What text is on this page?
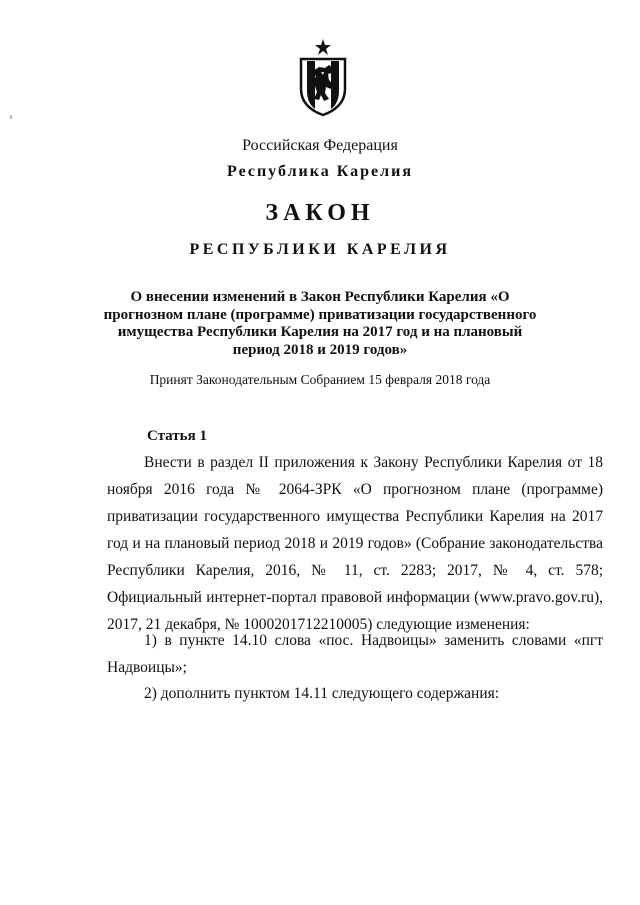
Российская Федерация
Республика Карелия
ЗАКОН
РЕСПУБЛИКИ КАРЕЛИЯ
О внесении изменений в Закон Республики Карелия «О прогнозном плане (программе) приватизации государственного имущества Республики Карелия на 2017 год и на плановый период 2018 и 2019 годов»
Принят Законодательным Собранием 15 февраля 2018 года
Статья 1

Внести в раздел II приложения к Закону Республики Карелия от 18 ноября 2016 года № 2064-ЗРК «О прогнозном плане (программе) приватизации государственного имущества Республики Карелия на 2017 год и на плановый период 2018 и 2019 годов» (Собрание законодательства Республики Карелия, 2016, № 11, ст. 2283; 2017, № 4, ст. 578; Официальный интернет-портал правовой информации (www.pravo.gov.ru), 2017, 21 декабря, № 1000201712210005) следующие изменения:

1) в пункте 14.10 слова «пос. Надвоицы» заменить словами «пгт Надвоицы»;

2) дополнить пунктом 14.11 следующего содержания:
